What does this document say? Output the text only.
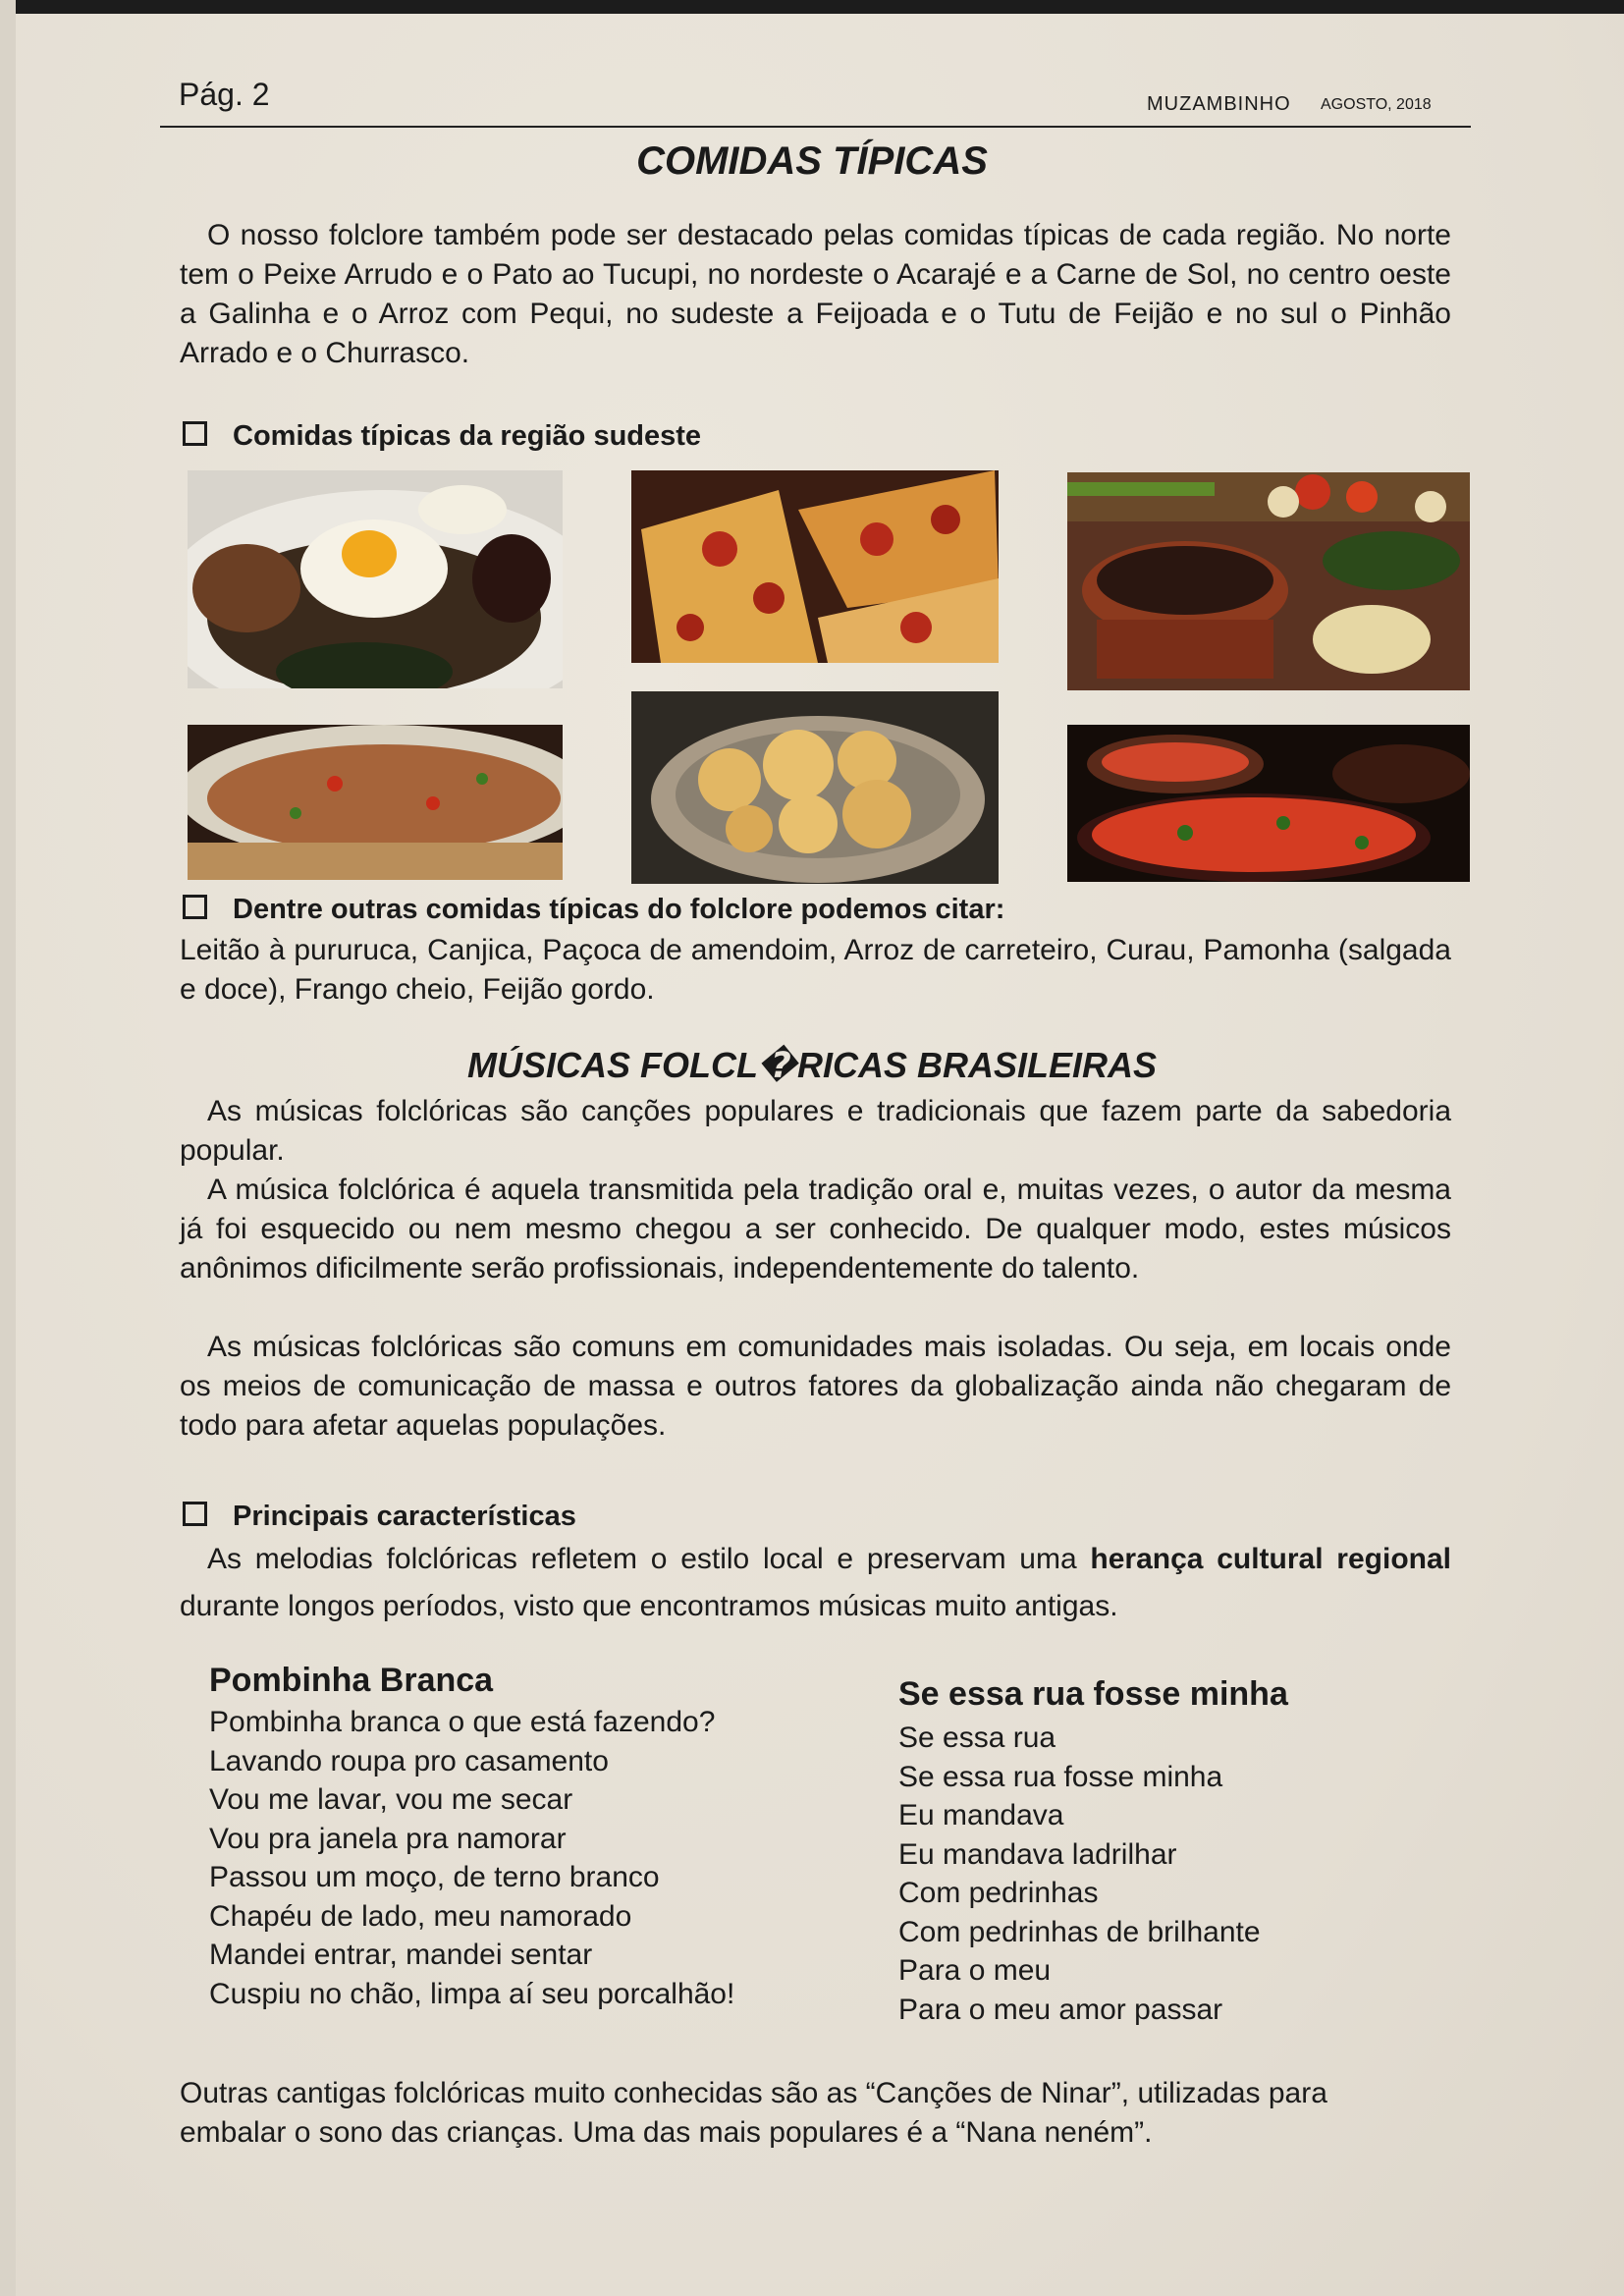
Pág. 2	MUZAMBINHO AGOSTO, 2018
COMIDAS TÍPICAS
O nosso folclore também pode ser destacado pelas comidas típicas de cada região. No norte tem o Peixe Arrudo e o Pato ao Tucupi, no nordeste o Acarajé e a Carne de Sol, no centro oeste a Galinha e o Arroz com Pequi, no sudeste a Feijoada e o Tutu de Feijão e no sul o Pinhão Arrado e o Churrasco.
Comidas típicas da região sudeste
Dentre outras comidas típicas do folclore podemos citar:
Leitão à pururuca, Canjica, Paçoca de amendoim, Arroz de carreteiro, Curau, Pamonha (salgada e doce), Frango cheio, Feijão gordo.
MÚSICAS FOLCL�RICAS BRASILEIRAS
As músicas folclóricas são canções populares e tradicionais que fazem parte da sabedoria popular.
A música folclórica é aquela transmitida pela tradição oral e, muitas vezes, o autor da mesma já foi esquecido ou nem mesmo chegou a ser conhecido. De qualquer modo, estes músicos anônimos dificilmente serão profissionais, independentemente do talento.
As músicas folclóricas são comuns em comunidades mais isoladas. Ou seja, em locais onde os meios de comunicação de massa e outros fatores da globalização ainda não chegaram de todo para afetar aquelas populações.
Principais características
As melodias folclóricas refletem o estilo local e preservam uma herança cultural regional durante longos períodos, visto que encontramos músicas muito antigas.
Pombinha Branca
Pombinha branca o que está fazendo?
Lavando roupa pro casamento
Vou me lavar, vou me secar
Vou pra janela pra namorar
Passou um moço, de terno branco
Chapéu de lado, meu namorado
Mandei entrar, mandei sentar
Cuspiu no chão, limpa aí seu porcalhão!
Se essa rua fosse minha
Se essa rua
Se essa rua fosse minha
Eu mandava
Eu mandava ladrilhar
Com pedrinhas
Com pedrinhas de brilhante
Para o meu
Para o meu amor passar
Outras cantigas folclóricas muito conhecidas são as “Canções de Ninar”, utilizadas para embalar o sono das crianças. Uma das mais populares é a “Nana neném”.
